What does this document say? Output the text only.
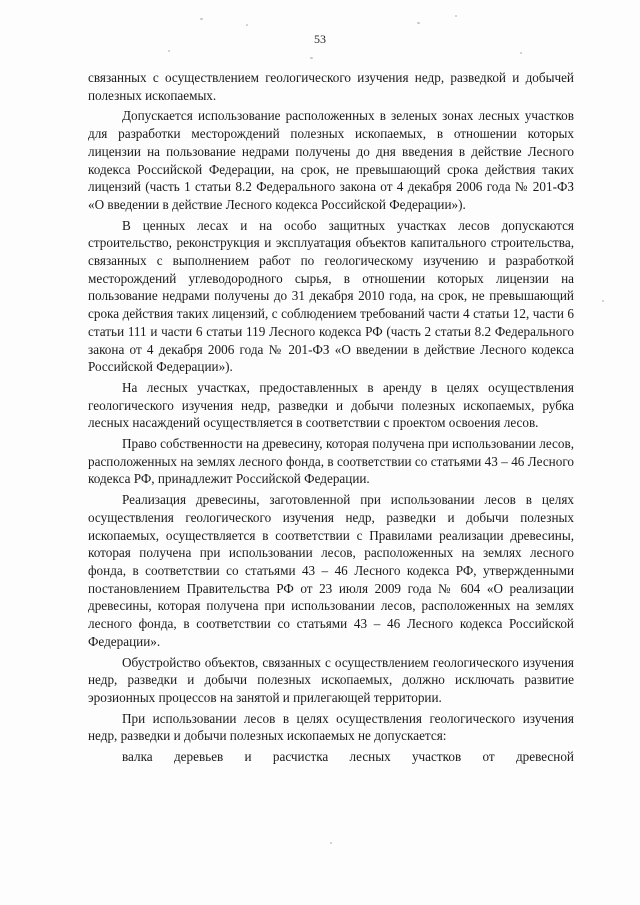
53

связанных с осуществлением геологического изучения недр, разведкой и добычей полезных ископаемых.

Допускается использование расположенных в зеленых зонах лесных участков для разработки месторождений полезных ископаемых, в отношении которых лицензии на пользование недрами получены до дня введения в действие Лесного кодекса Российской Федерации, на срок, не превышающий срока действия таких лицензий (часть 1 статьи 8.2 Федерального закона от 4 декабря 2006 года № 201-ФЗ «О введении в действие Лесного кодекса Российской Федерации»).

В ценных лесах и на особо защитных участках лесов допускаются строительство, реконструкция и эксплуатация объектов капитального строительства, связанных с выполнением работ по геологическому изучению и разработкой месторождений углеводородного сырья, в отношении которых лицензии на пользование недрами получены до 31 декабря 2010 года, на срок, не превышающий срока действия таких лицензий, с соблюдением требований части 4 статьи 12, части 6 статьи 111 и части 6 статьи 119 Лесного кодекса РФ (часть 2 статьи 8.2 Федерального закона от 4 декабря 2006 года № 201-ФЗ «О введении в действие Лесного кодекса Российской Федерации»).

На лесных участках, предоставленных в аренду в целях осуществления геологического изучения недр, разведки и добычи полезных ископаемых, рубка лесных насаждений осуществляется в соответствии с проектом освоения лесов.

Право собственности на древесину, которая получена при использовании лесов, расположенных на землях лесного фонда, в соответствии со статьями 43 – 46 Лесного кодекса РФ, принадлежит Российской Федерации.

Реализация древесины, заготовленной при использовании лесов в целях осуществления геологического изучения недр, разведки и добычи полезных ископаемых, осуществляется в соответствии с Правилами реализации древесины, которая получена при использовании лесов, расположенных на землях лесного фонда, в соответствии со статьями 43 – 46 Лесного кодекса РФ, утвержденными постановлением Правительства РФ от 23 июля 2009 года № 604 «О реализации древесины, которая получена при использовании лесов, расположенных на землях лесного фонда, в соответствии со статьями 43 – 46 Лесного кодекса Российской Федерации».

Обустройство объектов, связанных с осуществлением геологического изучения недр, разведки и добычи полезных ископаемых, должно исключать развитие эрозионных процессов на занятой и прилегающей территории.

При использовании лесов в целях осуществления геологического изучения недр, разведки и добычи полезных ископаемых не допускается:

валка деревьев и расчистка лесных участков от древесной
